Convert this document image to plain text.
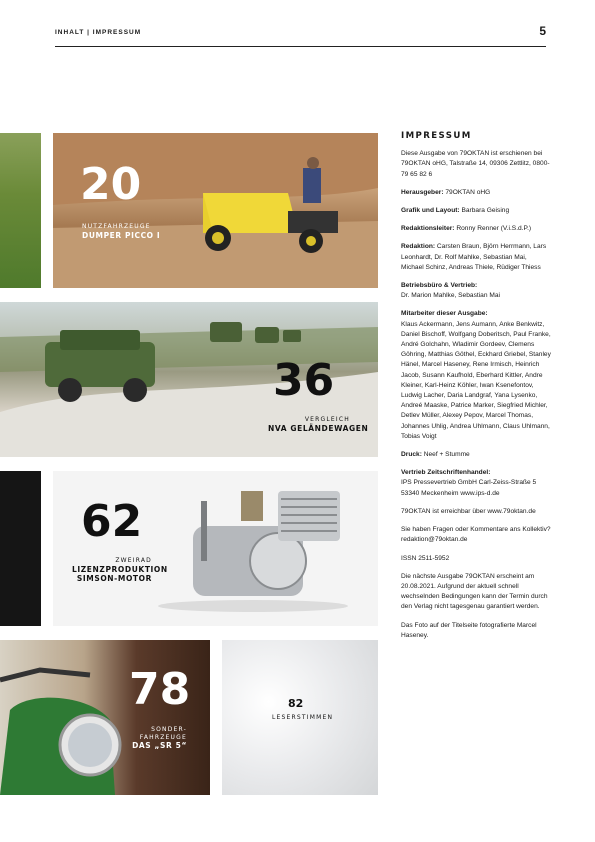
INHALT | IMPRESSUM	5
20
NUTZFAHRZEUGE
DUMPER PICCO I
36
VERGLEICH
NVA GELÄNDEWAGEN
62
ZWEIRAD
LIZENZPRODUKTION
SIMSON-MOTOR
78
SONDER-
FAHRZEUGE
DAS „SR 5“
82
LESERSTIMMEN
IMPRESSUM

Diese Ausgabe von 79OKTAN ist erschienen bei 79OKTAN oHG, Talstraße 14, 09306 Zettlitz, 0800-79 65 82 6

Herausgeber: 79OKTAN oHG

Grafik und Layout: Barbara Geising

Redaktionsleiter: Ronny Renner (V.i.S.d.P.)

Redaktion: Carsten Braun, Björn Herrmann, Lars Leonhardt, Dr. Rolf Mahlke, Sebastian Mai, Michael Schinz, Andreas Thiele, Rüdiger Thiess

Betriebsbüro & Vertrieb:
Dr. Marion Mahlke, Sebastian Mai

Mitarbeiter dieser Ausgabe:
Klaus Ackermann, Jens Aumann, Anke Benkwitz, Daniel Bischoff, Wolfgang Doberitsch, Paul Franke, André Golchahn, Wladimir Gordeev, Clemens Göhring, Matthias Göthel, Eckhard Griebel, Stanley Hänel, Marcel Haseney, Rene Irmisch, Heinrich Jacob, Susann Kaufhold, Eberhard Kittler, Andre Kleiner, Karl-Heinz Köhler, Iwan Ksenefontov, Ludwig Lacher, Daria Landgraf, Yana Lysenko, Andreé Maaske, Patrice Marker, Siegfried Michler, Detlev Müller, Alexey Pepov, Marcel Thomas, Johannes Uhlig, Andrea Uhlmann, Claus Uhlmann, Tobias Voigt

Druck: Neef + Stumme

Vertrieb Zeitschriftenhandel:
IPS Pressevertrieb GmbH Carl-Zeiss-Straße 5 53340 Meckenheim www.ips-d.de

79OKTAN ist erreichbar über www.79oktan.de

Sie haben Fragen oder Kommentare ans Kollektiv? redaktion@79oktan.de

ISSN 2511-5952

Die nächste Ausgabe 79OKTAN erscheint am 20.08.2021. Aufgrund der aktuell schnell wechselnden Bedingungen kann der Termin durch den Verlag nicht tagesgenau garantiert werden.

Das Foto auf der Titelseite fotografierte Marcel Haseney.
